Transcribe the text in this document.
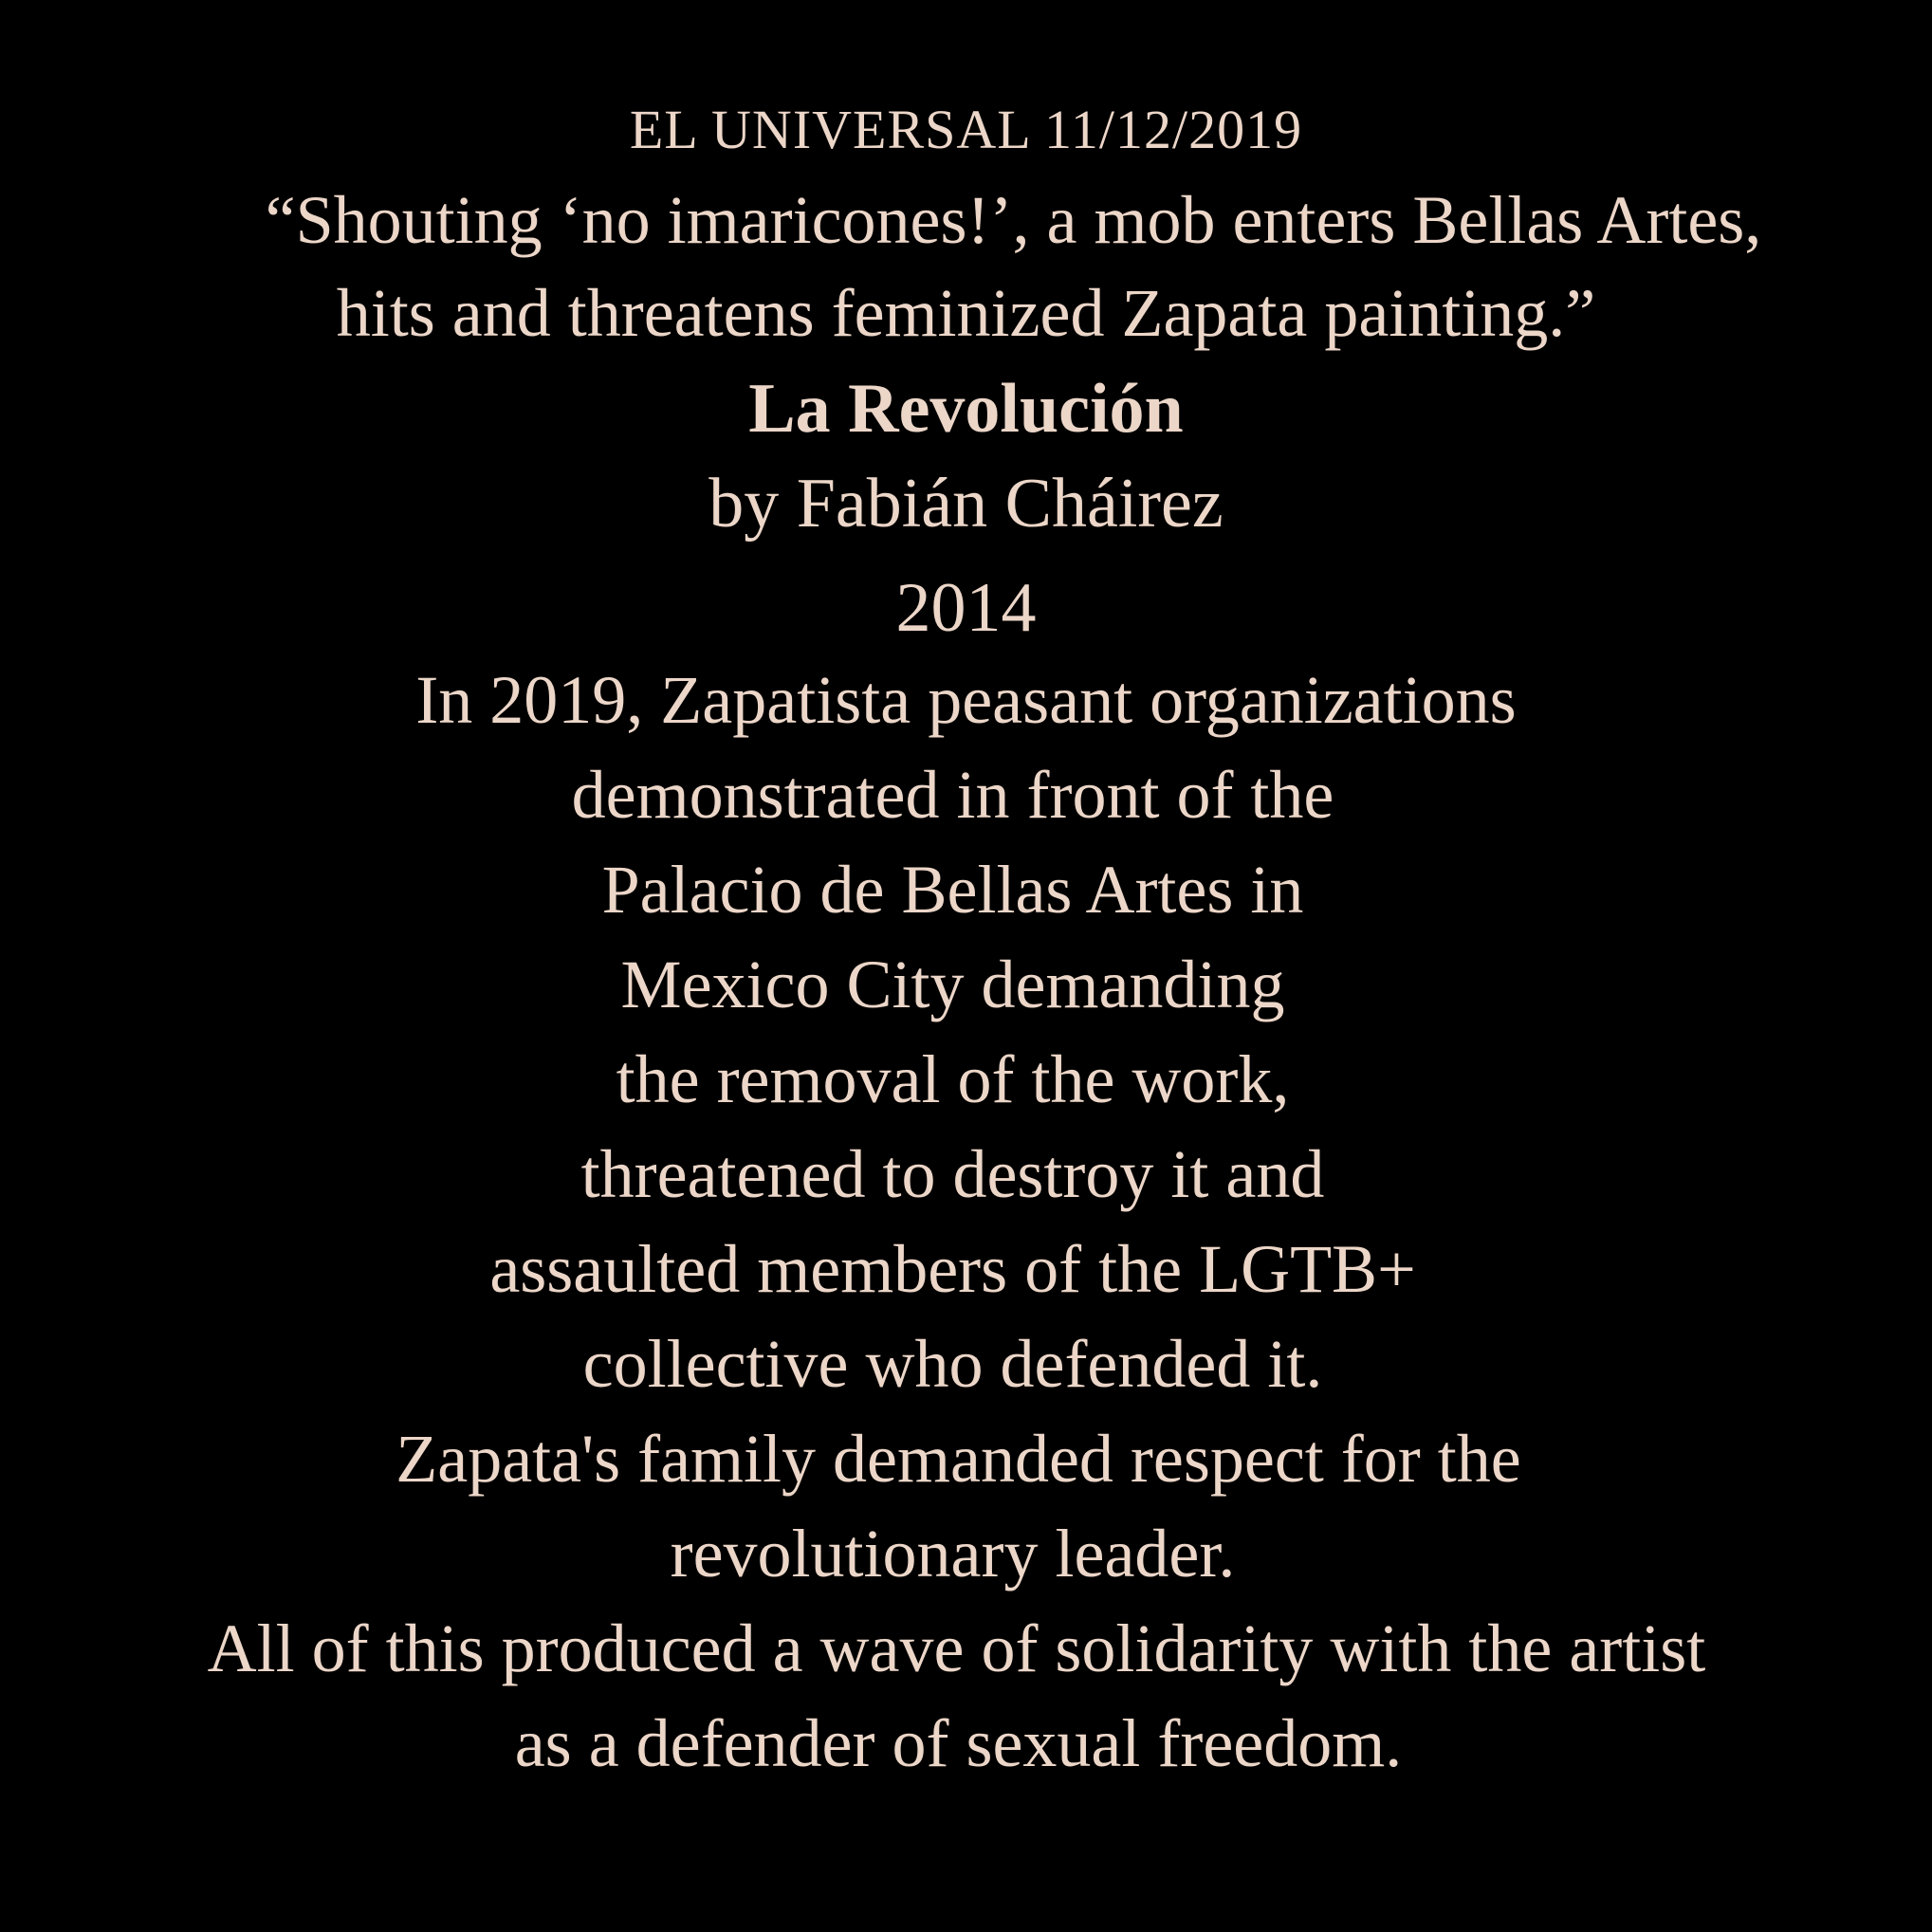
EL UNIVERSAL 11/12/2019
“Shouting ‘no imaricones!’, a mob enters Bellas Artes,
hits and threatens feminized Zapata painting.”
La Revolución
by Fabián Cháirez
2014
In 2019, Zapatista peasant organizations
demonstrated in front of the
Palacio de Bellas Artes in
Mexico City demanding
the removal of the work,
threatened to destroy it and
assaulted members of the LGTB+
collective who defended it.
Zapata's family demanded respect for the
revolutionary leader.
All of this produced a wave of solidarity with the artist
as a defender of sexual freedom.
